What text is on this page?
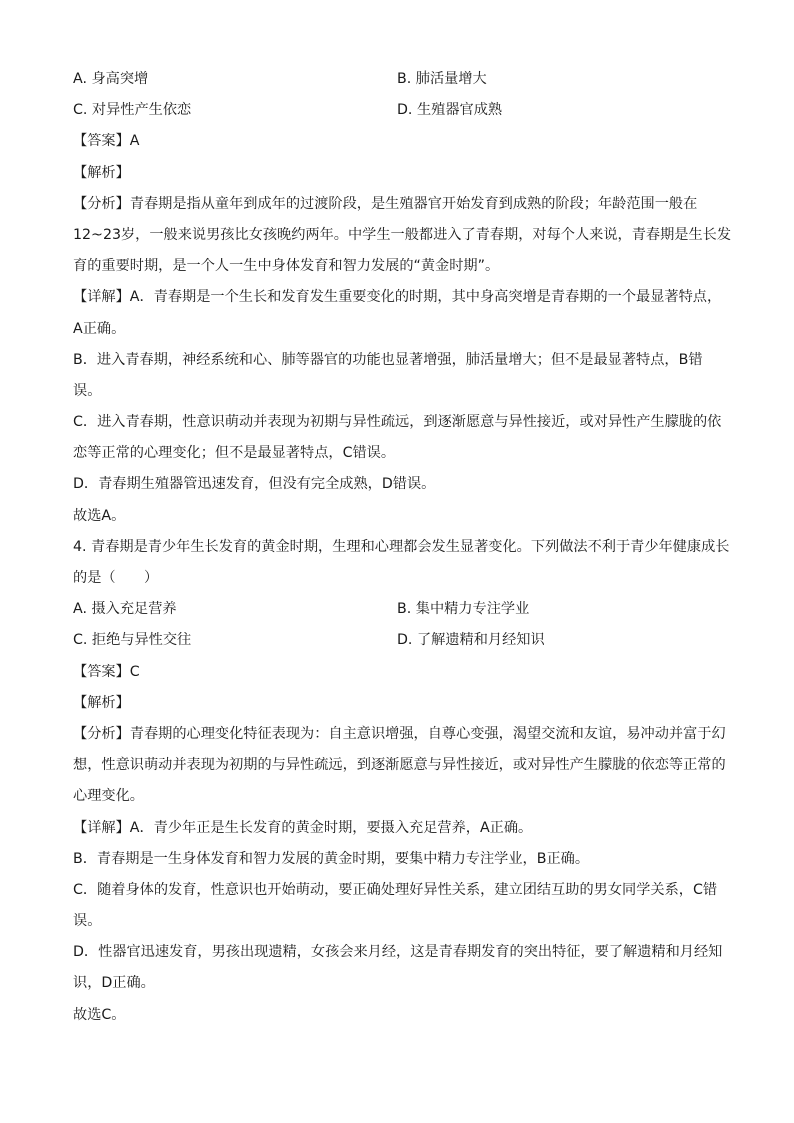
A. 身高突增	B. 肺活量增大
C. 对异性产生依恋	D. 生殖器官成熟
【答案】A
【解析】
【分析】青春期是指从童年到成年的过渡阶段，是生殖器官开始发育到成熟的阶段；年龄范围一般在
12~23岁，一般来说男孩比女孩晚约两年。中学生一般都进入了青春期，对每个人来说，青春期是生长发
育的重要时期，是一个人一生中身体发育和智力发展的“黄金时期”。
【详解】A．青春期是一个生长和发育发生重要变化的时期，其中身高突增是青春期的一个最显著特点，
A正确。
B．进入青春期，神经系统和心、肺等器官的功能也显著增强，肺活量增大；但不是最显著特点，B错
误。
C．进入青春期，性意识萌动并表现为初期与异性疏远，到逐渐愿意与异性接近，或对异性产生朦胧的依
恋等正常的心理变化；但不是最显著特点，C错误。
D．青春期生殖器管迅速发育，但没有完全成熟，D错误。
故选A。
4. 青春期是青少年生长发育的黄金时期，生理和心理都会发生显著变化。下列做法不利于青少年健康成长
的是（　　）
A. 摄入充足营养	B. 集中精力专注学业
C. 拒绝与异性交往	D. 了解遗精和月经知识
【答案】C
【解析】
【分析】青春期的心理变化特征表现为：自主意识增强，自尊心变强，渴望交流和友谊，易冲动并富于幻
想，性意识萌动并表现为初期的与异性疏远，到逐渐愿意与异性接近，或对异性产生朦胧的依恋等正常的
心理变化。
【详解】A．青少年正是生长发育的黄金时期，要摄入充足营养，A正确。
B．青春期是一生身体发育和智力发展的黄金时期，要集中精力专注学业，B正确。
C．随着身体的发育，性意识也开始萌动，要正确处理好异性关系，建立团结互助的男女同学关系，C错
误。
D．性器官迅速发育，男孩出现遗精，女孩会来月经，这是青春期发育的突出特征，要了解遗精和月经知
识，D正确。
故选C。
